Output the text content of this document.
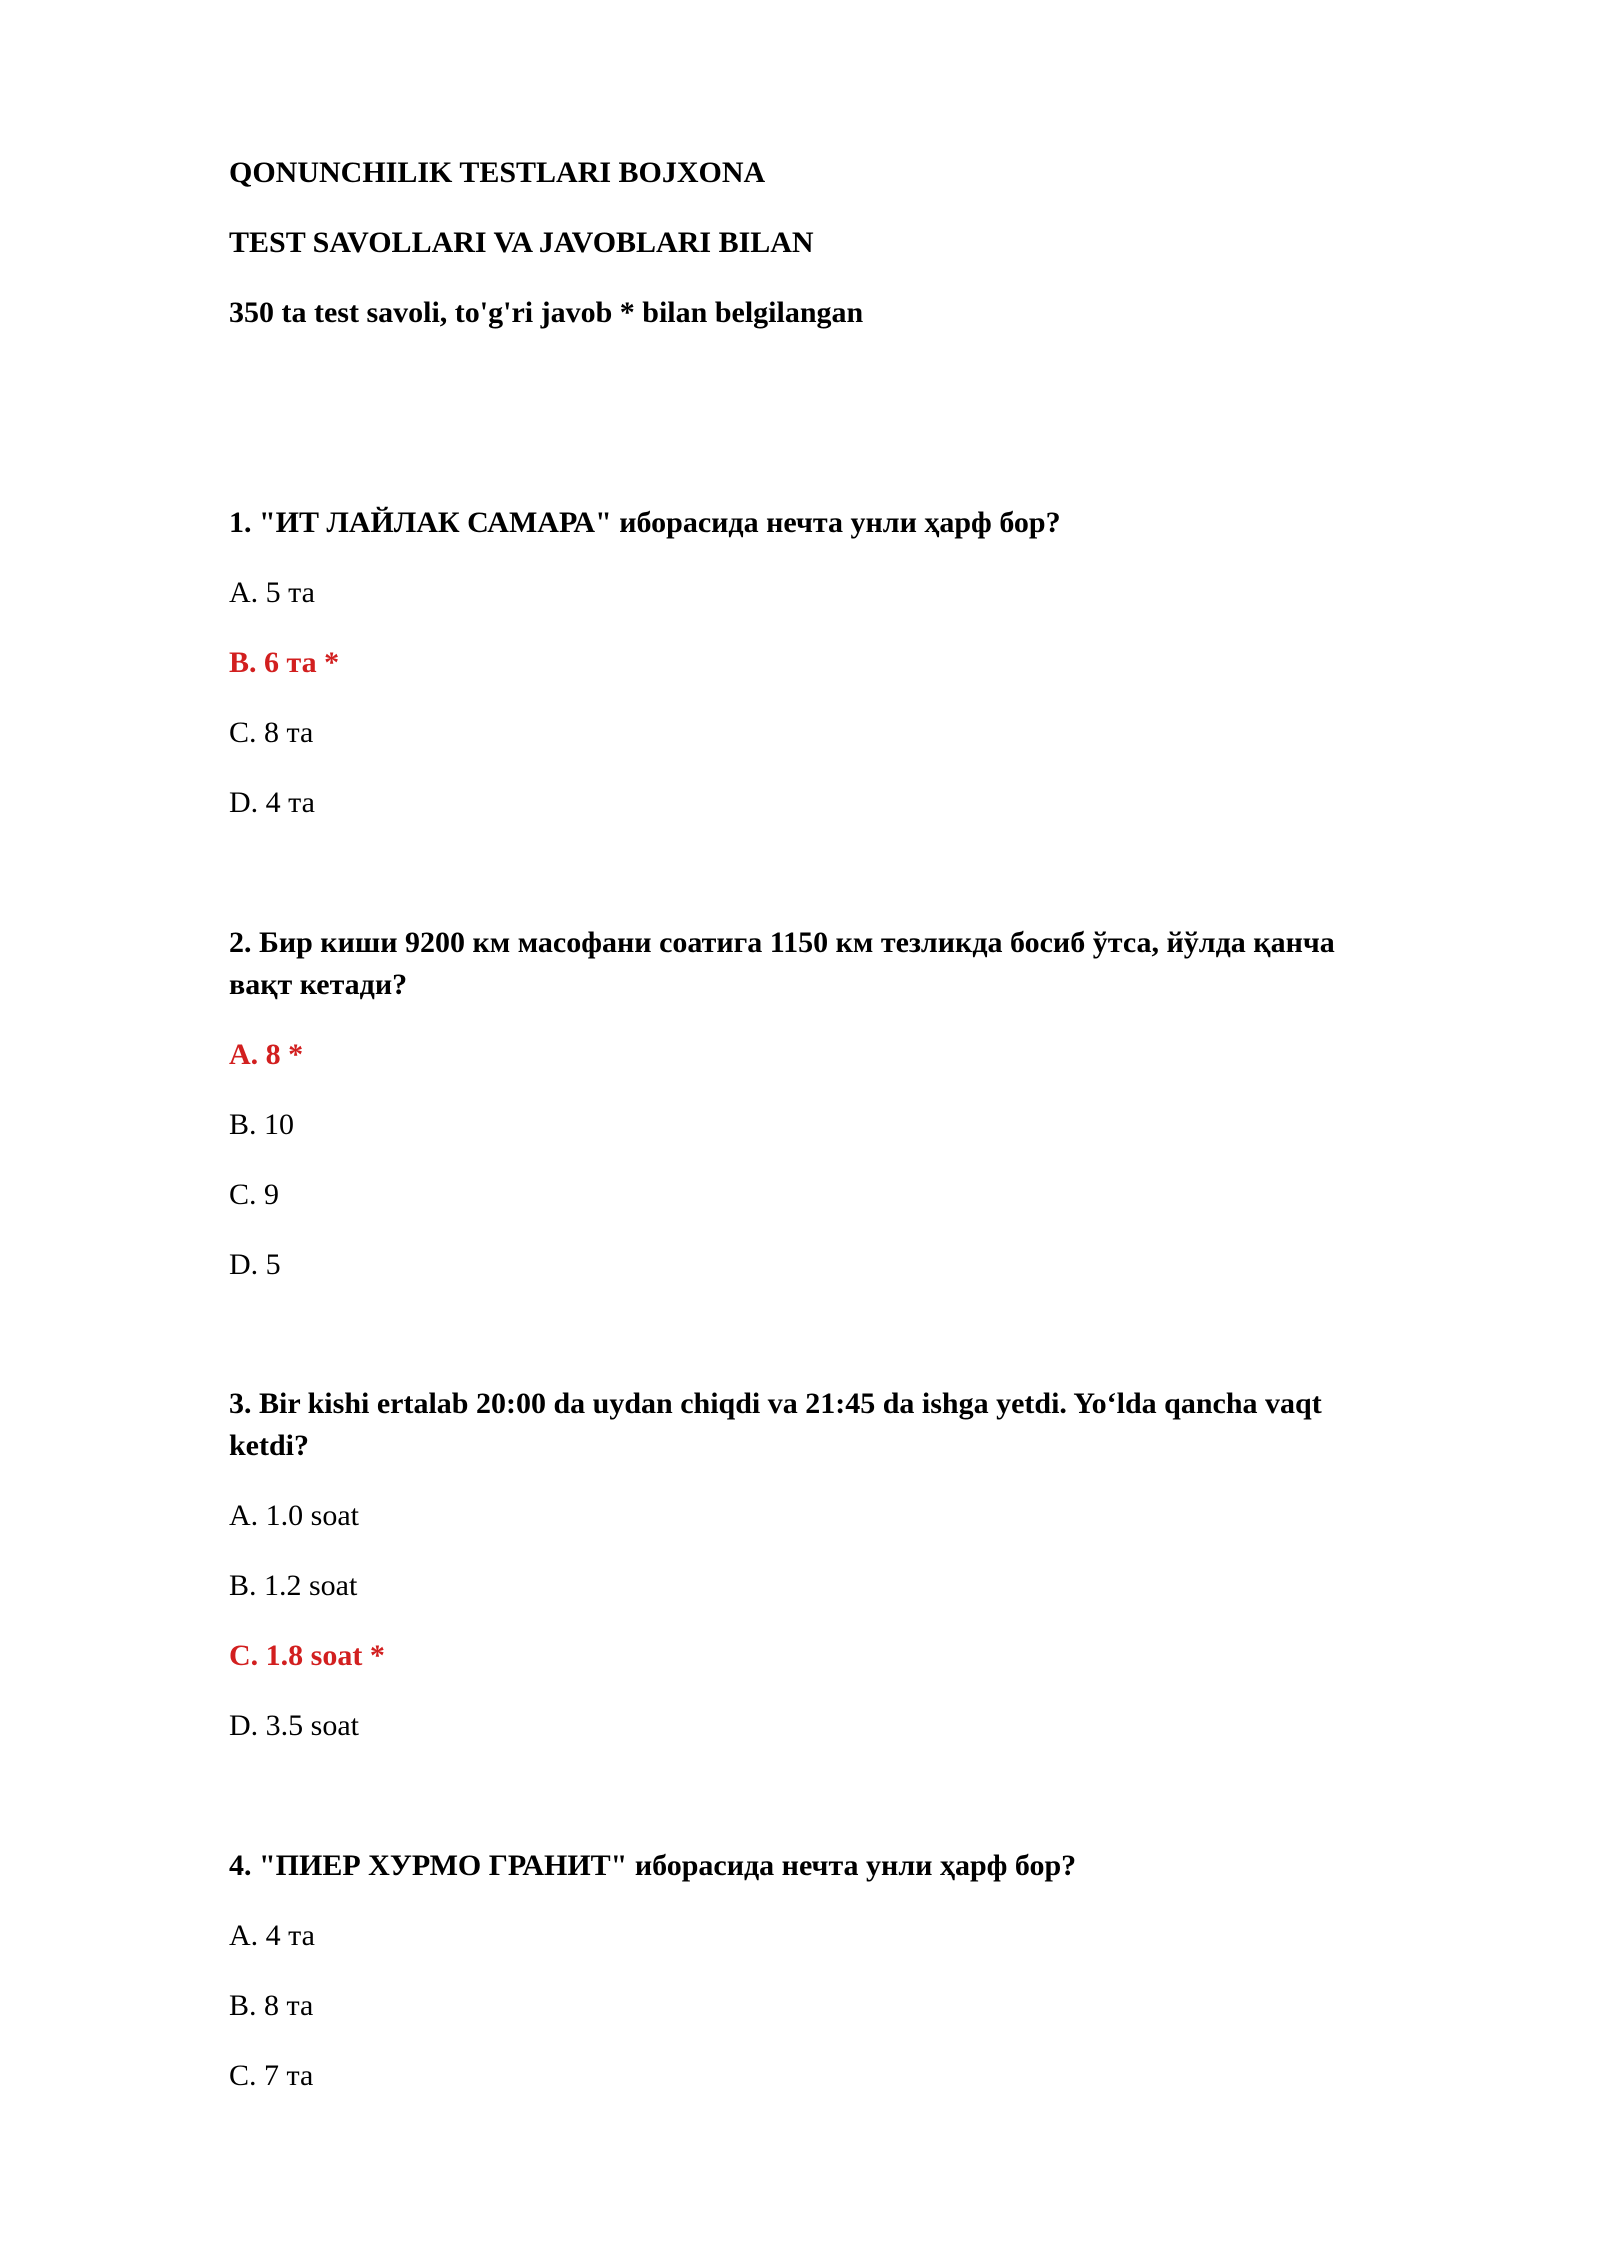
QONUNCHILIK TESTLARI BOJXONA
TEST SAVOLLARI VA JAVOBLARI BILAN
350 ta test savoli, to'g'ri javob * bilan belgilangan
1. "ИТ ЛАЙЛАК САМАРА" иборасида нечта унли ҳарф бор?
A. 5 та
B. 6 та *
C. 8 та
D. 4 та
2. Бир киши 9200 км масофани соатига 1150 км тезликда босиб ўтса, йўлда қанча
вақт кетади?
A. 8 *
B. 10
C. 9
D. 5
3. Bir kishi ertalab 20:00 da uydan chiqdi va 21:45 da ishga yetdi. Yo‘lda qancha vaqt
ketdi?
A. 1.0 soat
B. 1.2 soat
C. 1.8 soat *
D. 3.5 soat
4. "ПИЕР ХУРМО ГРАНИТ" иборасида нечта унли ҳарф бор?
A. 4 та
B. 8 та
C. 7 та
